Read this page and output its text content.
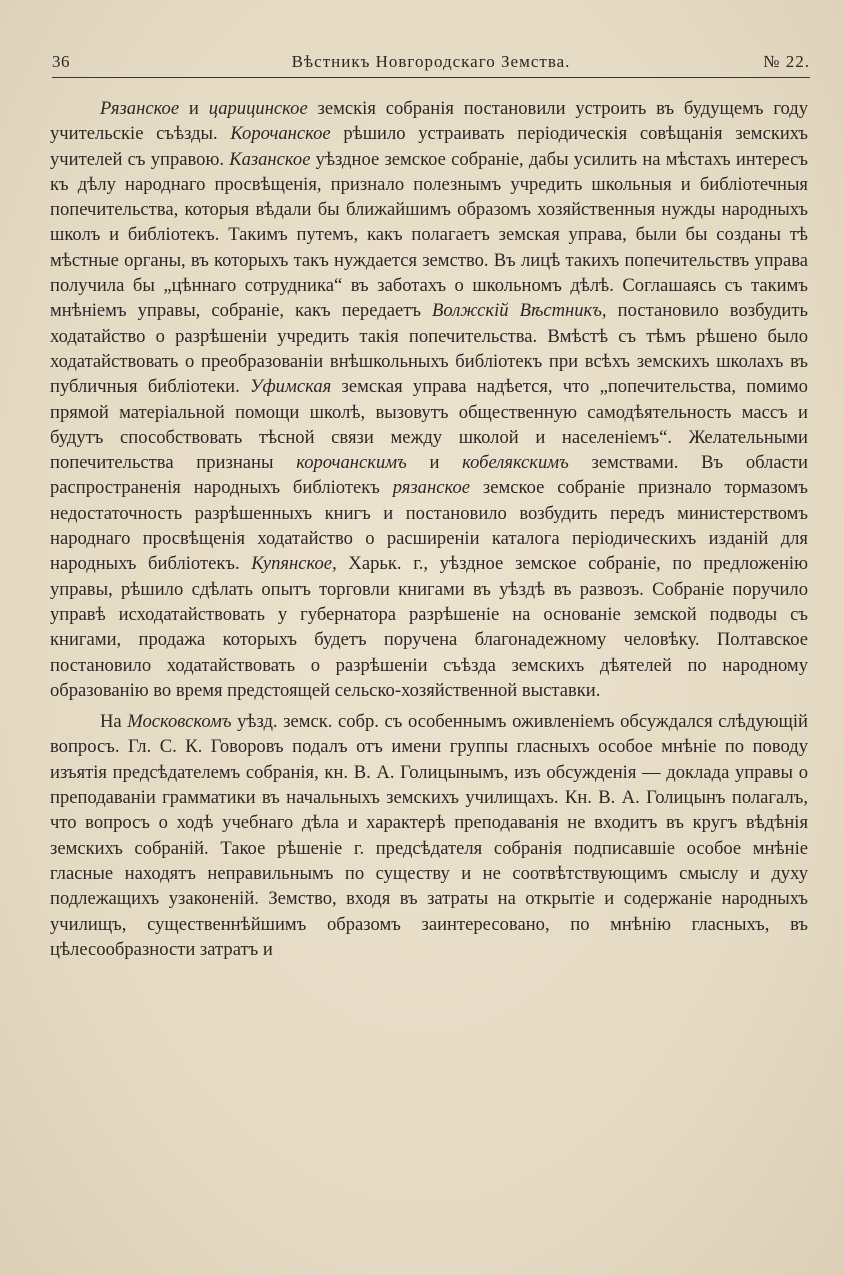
36	Вѣстникъ Новгородскаго Земства.	№ 22.

Рязанское и царицинское земскія собранія постановили устроить въ будущемъ году учительскіе съѣзды. Корочанское рѣшило устраивать періодическія совѣщанія земскихъ учителей съ управою. Казанское уѣздное земское собраніе, дабы усилить на мѣстахъ интересъ къ дѣлу народнаго просвѣщенія, признало полезнымъ учредить школьныя и библіотечныя попечительства, которыя вѣдали бы ближайшимъ образомъ хозяйственныя нужды народныхъ школъ и библіотекъ. Такимъ путемъ, какъ полагаетъ земская управа, были бы созданы тѣ мѣстные органы, въ которыхъ такъ нуждается земство. Въ лицѣ такихъ попечительствъ управа получила бы „цѣннаго сотрудника“ въ заботахъ о школьномъ дѣлѣ. Соглашаясь съ такимъ мнѣніемъ управы, собраніе, какъ передаетъ Волжскій Вѣстникъ, постановило возбудить ходатайство о разрѣшеніи учредить такія попечительства. Вмѣстѣ съ тѣмъ рѣшено было ходатайствовать о преобразованіи внѣшкольныхъ библіотекъ при всѣхъ земскихъ школахъ въ публичныя библіотеки. Уфимская земская управа надѣется, что „попечительства, помимо прямой матеріальной помощи школѣ, вызовутъ общественную самодѣятельность массъ и будутъ способствовать тѣсной связи между школой и населеніемъ“. Желательными попечительства признаны корочанскимъ и кобелякскимъ земствами. Въ области распространенія народныхъ библіотекъ рязанское земское собраніе признало тормазомъ недостаточность разрѣшенныхъ книгъ и постановило возбудить передъ министерствомъ народнаго просвѣщенія ходатайство о расширеніи каталога періодическихъ изданій для народныхъ библіотекъ. Купянское, Харьк. г., уѣздное земское собраніе, по предложенію управы, рѣшило сдѣлать опытъ торговли книгами въ уѣздѣ въ развозъ. Собраніе поручило управѣ исходатайствовать у губернатора разрѣшеніе на основаніе земской подводы съ книгами, продажа которыхъ будетъ поручена благонадежному человѣку. Полтавское постановило ходатайствовать о разрѣшеніи съѣзда земскихъ дѣятелей по народному образованію во время предстоящей сельско-хозяйственной выставки.

На Московскомъ уѣзд. земск. собр. съ особеннымъ оживленіемъ обсуждался слѣдующій вопросъ. Гл. С. К. Говоровъ подалъ отъ имени группы гласныхъ особое мнѣніе по поводу изъятія предсѣдателемъ собранія, кн. В. А. Голицынымъ, изъ обсужденія — доклада управы о преподаваніи грамматики въ начальныхъ земскихъ училищахъ. Кн. В. А. Голицынъ полагалъ, что вопросъ о ходѣ учебнаго дѣла и характерѣ преподаванія не входитъ въ кругъ вѣдѣнія земскихъ собраній. Такое рѣшеніе г. предсѣдателя собранія подписавшіе особое мнѣніе гласные находятъ неправильнымъ по существу и не соотвѣтствующимъ смыслу и духу подлежащихъ узаконеній. Земство, входя въ затраты на открытіе и содержаніе народныхъ училищъ, существеннѣйшимъ образомъ заинтересовано, по мнѣнію гласныхъ, въ цѣлесообразности затратъ и
